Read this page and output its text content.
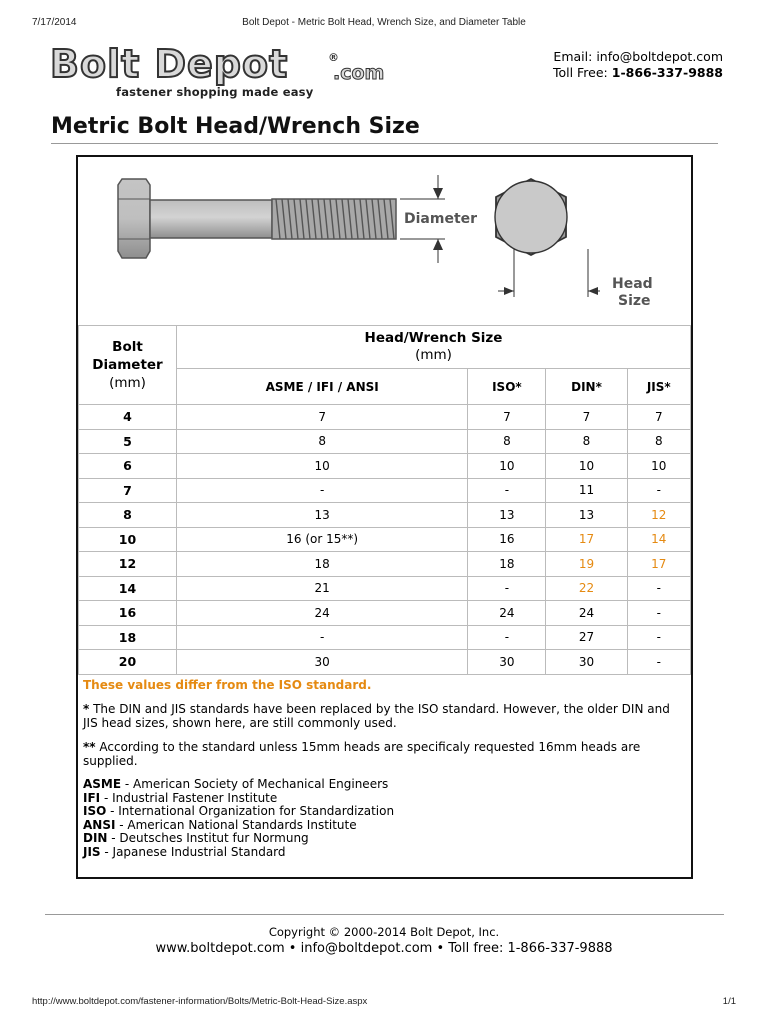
7/17/2014	Bolt Depot - Metric Bolt Head, Wrench Size, and Diameter Table
Bolt Depot	®
.com
fastener shopping made easy
Email: info@boltdepot.com
Toll Free: 1-866-337-9888
Metric Bolt Head/Wrench Size
Diameter
Head
Size
Bolt
Diameter
(mm)	Head/Wrench Size
(mm)			
	ASME / IFI / ANSI	ISO*	DIN*	JIS*
4	7	7	7	7
5	8	8	8	8
6	10	10	10	10
7	-	-	11	-
8	13	13	13	12
10	16 (or 15**)	16	17	14
12	18	18	19	17
14	21	-	22	-
16	24	24	24	-
18	-	-	27	-
20	30	30	30	-
These values differ from the ISO standard.

* The DIN and JIS standards have been replaced by the ISO standard. However, the older DIN and JIS head sizes, shown here, are still commonly used.

** According to the standard unless 15mm heads are specificaly requested 16mm heads are supplied.

ASME - American Society of Mechanical Engineers
IFI - Industrial Fastener Institute
ISO - International Organization for Standardization
ANSI - American National Standards Institute
DIN - Deutsches Institut fur Normung
JIS - Japanese Industrial Standard
Copyright © 2000-2014 Bolt Depot, Inc.
www.boltdepot.com • info@boltdepot.com • Toll free: 1-866-337-9888
http://www.boltdepot.com/fastener-information/Bolts/Metric-Bolt-Head-Size.aspx	1/1
